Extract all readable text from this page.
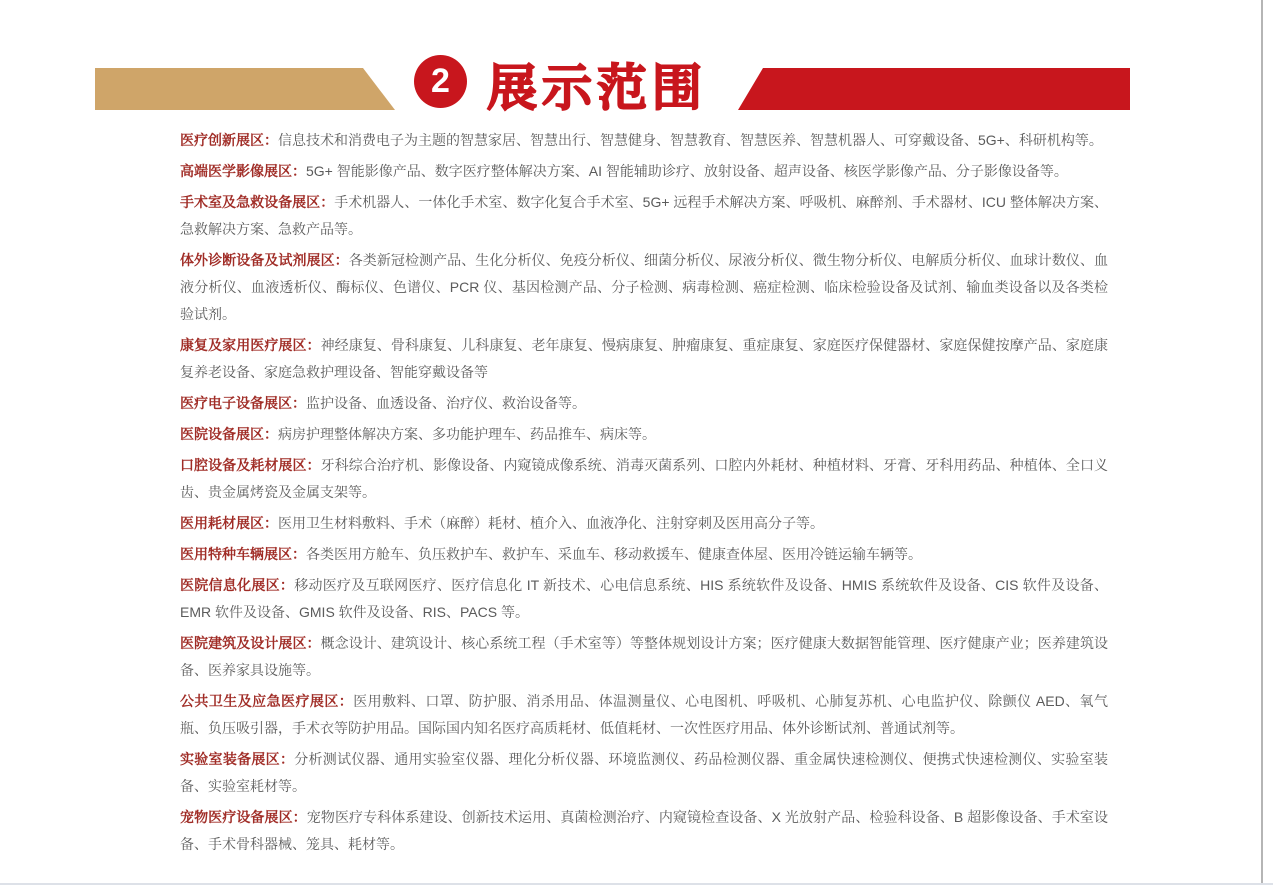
2 展示范围

医疗创新展区：信息技术和消费电子为主题的智慧家居、智慧出行、智慧健身、智慧教育、智慧医养、智慧机器人、可穿戴设备、5G+、科研机构等。

高端医学影像展区：5G+ 智能影像产品、数字医疗整体解决方案、AI 智能辅助诊疗、放射设备、超声设备、核医学影像产品、分子影像设备等。

手术室及急救设备展区：手术机器人、一体化手术室、数字化复合手术室、5G+ 远程手术解决方案、呼吸机、麻醉剂、手术器材、ICU 整体解决方案、急救解决方案、急救产品等。

体外诊断设备及试剂展区：各类新冠检测产品、生化分析仪、免疫分析仪、细菌分析仪、尿液分析仪、微生物分析仪、电解质分析仪、血球计数仪、血液分析仪、血液透析仪、酶标仪、色谱仪、PCR 仪、基因检测产品、分子检测、病毒检测、癌症检测、临床检验设备及试剂、输血类设备以及各类检验试剂。

康复及家用医疗展区：神经康复、骨科康复、儿科康复、老年康复、慢病康复、肿瘤康复、重症康复、家庭医疗保健器材、家庭保健按摩产品、家庭康复养老设备、家庭急救护理设备、智能穿戴设备等

医疗电子设备展区：监护设备、血透设备、治疗仪、救治设备等。

医院设备展区：病房护理整体解决方案、多功能护理车、药品推车、病床等。

口腔设备及耗材展区：牙科综合治疗机、影像设备、内窥镜成像系统、消毒灭菌系列、口腔内外耗材、种植材料、牙膏、牙科用药品、种植体、全口义齿、贵金属烤瓷及金属支架等。

医用耗材展区：医用卫生材料敷料、手术（麻醉）耗材、植介入、血液净化、注射穿刺及医用高分子等。

医用特种车辆展区：各类医用方舱车、负压救护车、救护车、采血车、移动救援车、健康查体屋、医用冷链运输车辆等。

医院信息化展区：移动医疗及互联网医疗、医疗信息化 IT 新技术、心电信息系统、HIS 系统软件及设备、HMIS 系统软件及设备、CIS 软件及设备、EMR 软件及设备、GMIS 软件及设备、RIS、PACS 等。

医院建筑及设计展区：概念设计、建筑设计、核心系统工程（手术室等）等整体规划设计方案；医疗健康大数据智能管理、医疗健康产业；医养建筑设备、医养家具设施等。

公共卫生及应急医疗展区：医用敷料、口罩、防护服、消杀用品、体温测量仪、心电图机、呼吸机、心肺复苏机、心电监护仪、除颤仪 AED、氧气瓶、负压吸引器，手术衣等防护用品。国际国内知名医疗高质耗材、低值耗材、一次性医疗用品、体外诊断试剂、普通试剂等。

实验室装备展区：分析测试仪器、通用实验室仪器、理化分析仪器、环境监测仪、药品检测仪器、重金属快速检测仪、便携式快速检测仪、实验室装备、实验室耗材等。

宠物医疗设备展区：宠物医疗专科体系建设、创新技术运用、真菌检测治疗、内窥镜检查设备、X 光放射产品、检验科设备、B 超影像设备、手术室设备、手术骨科器械、笼具、耗材等。
